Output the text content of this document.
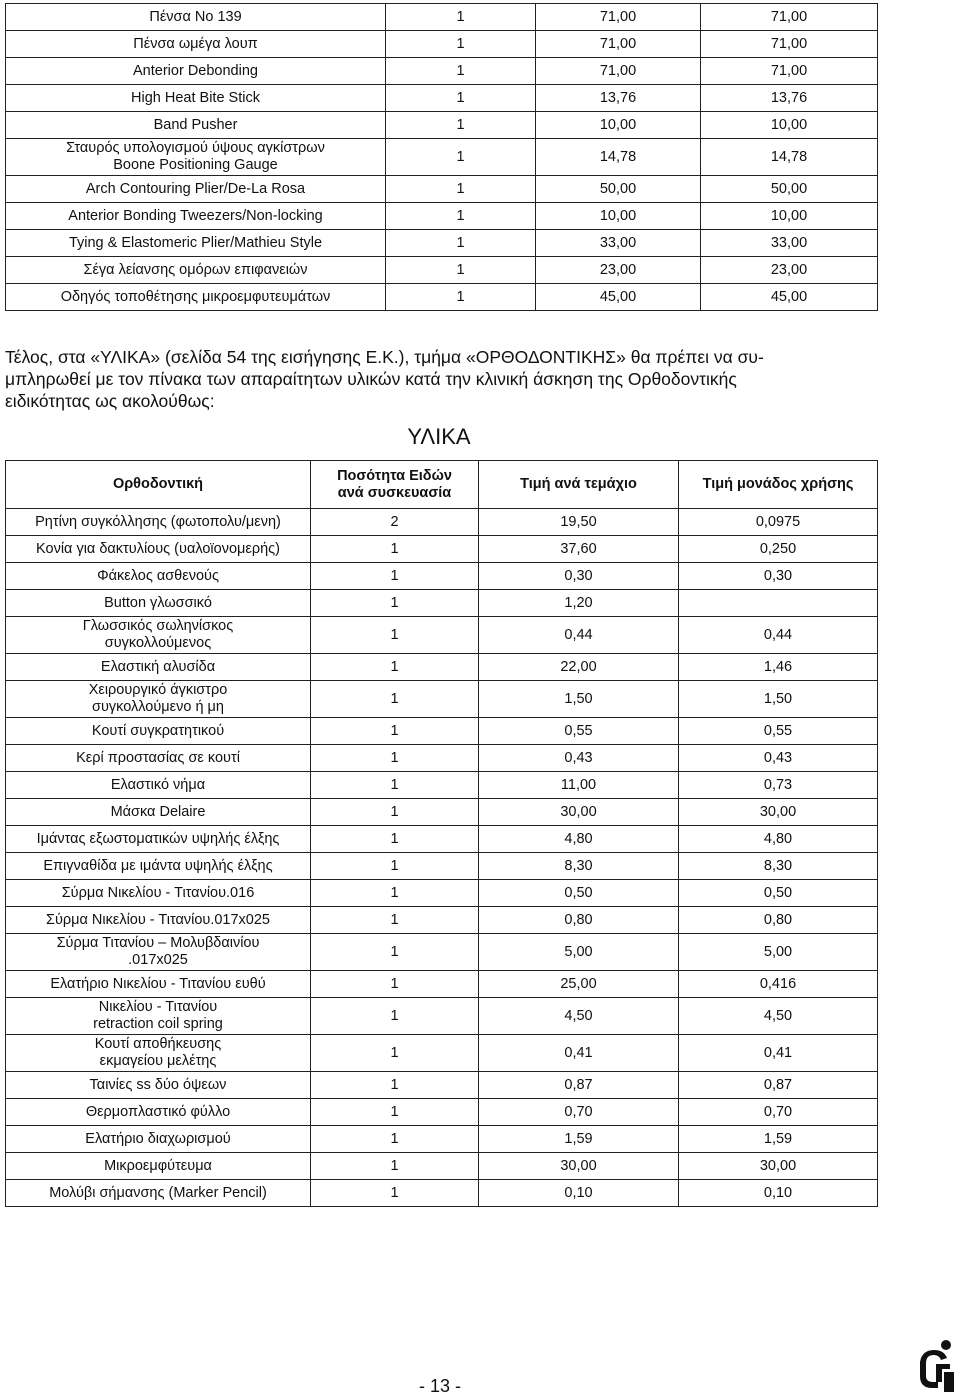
Πένσα No 139	1	71,00	71,00
Πένσα ωμέγα λουπ	1	71,00	71,00
Anterior Debonding	1	71,00	71,00
High Heat Bite Stick	1	13,76	13,76
Band Pusher	1	10,00	10,00
Σταυρός υπολογισμού ύψους αγκίστρων
Boone Positioning Gauge	1	14,78	14,78
Arch Contouring Plier/De-La Rosa	1	50,00	50,00
Anterior Bonding Tweezers/Non-locking	1	10,00	10,00
Tying & Elastomeric Plier/Mathieu Style	1	33,00	33,00
Σέγα λείανσης ομόρων επιφανειών	1	23,00	23,00
Οδηγός τοποθέτησης μικροεμφυτευμάτων	1	45,00	45,00
Τέλος, στα «ΥΛΙΚΑ» (σελίδα 54 της εισήγησης Ε.Κ.), τμήμα «ΟΡΘΟΔΟΝΤΙΚΗΣ» θα πρέπει να συ-
μπληρωθεί με τον πίνακα των απαραίτητων υλικών κατά την κλινική άσκηση της Ορθοδοντικής
ειδικότητας ως ακολούθως:
ΥΛΙΚΑ
Ορθοδοντική	Ποσότητα Ειδών
ανά συσκευασία	Τιμή ανά τεμάχιο	Τιμή μονάδος χρήσης
Ρητίνη συγκόλλησης (φωτοπολυ/μενη)	2	19,50	0,0975
Κονία για δακτυλίους (υαλοϊονομερής)	1	37,60	0,250
Φάκελος ασθενούς	1	0,30	0,30
Button γλωσσικό	1	1,20	
Γλωσσικός σωληνίσκος
συγκολλούμενος	1	0,44	0,44
Ελαστική αλυσίδα	1	22,00	1,46
Χειρουργικό άγκιστρο
συγκολλούμενο ή μη	1	1,50	1,50
Κουτί συγκρατητικού	1	0,55	0,55
Κερί προστασίας σε κουτί	1	0,43	0,43
Ελαστικό νήμα	1	11,00	0,73
Μάσκα Delaire	1	30,00	30,00
Ιμάντας εξωστοματικών υψηλής έλξης	1	4,80	4,80
Επιγναθίδα με ιμάντα υψηλής έλξης	1	8,30	8,30
Σύρμα Νικελίου - Τιτανίου.016	1	0,50	0,50
Σύρμα Νικελίου - Τιτανίου.017x025	1	0,80	0,80
Σύρμα Τιτανίου – Μολυβδαινίου
.017x025	1	5,00	5,00
Ελατήριο Νικελίου - Τιτανίου ευθύ	1	25,00	0,416
Νικελίου - Τιτανίου
retraction coil spring	1	4,50	4,50
Κουτί αποθήκευσης
εκμαγείου μελέτης	1	0,41	0,41
Ταινίες ss δύο όψεων	1	0,87	0,87
Θερμοπλαστικό φύλλο	1	0,70	0,70
Ελατήριο διαχωρισμού	1	1,59	1,59
Μικροεμφύτευμα	1	30,00	30,00
Μολύβι σήμανσης (Marker Pencil)	1	0,10	0,10
- 13 -
